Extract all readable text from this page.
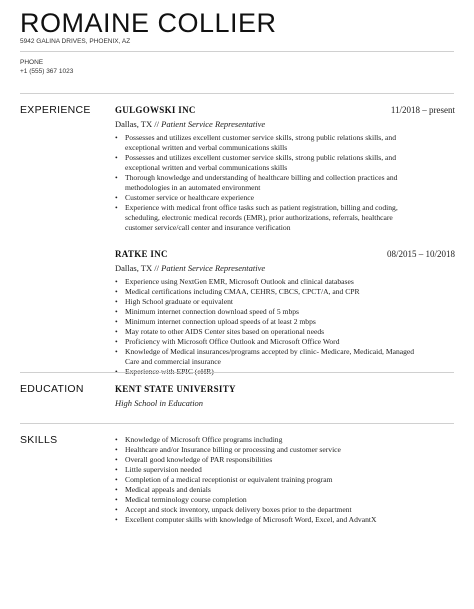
ROMAINE COLLIER
5942 GALINA DRIVES, PHOENIX, AZ
PHONE
+1 (555) 367 1023
EXPERIENCE	GULGOWSKI INC	11/2018 – present
Dallas, TX // Patient Service Representative
• Possesses and utilizes excellent customer service skills, strong public relations skills, and
exceptional written and verbal communications skills
• Possesses and utilizes excellent customer service skills, strong public relations skills, and
exceptional written and verbal communications skills
• Thorough knowledge and understanding of healthcare billing and collection practices and
methodologies in an automated environment
• Customer service or healthcare experience
• Experience with medical front office tasks such as patient registration, billing and coding,
scheduling, electronic medical records (EMR), prior authorizations, referrals, healthcare
customer service/call center and insurance verification
RATKE INC	08/2015 – 10/2018
Dallas, TX // Patient Service Representative
• Experience using NextGen EMR, Microsoft Outlook and clinical databases
• Medical certifications including CMAA, CEHRS, CBCS, CPCT/A, and CPR
• High School graduate or equivalent
• Minimum internet connection download speed of 5 mbps
• Minimum internet connection upload speeds of at least 2 mbps
• May rotate to other AIDS Center sites based on operational needs
• Proficiency with Microsoft Office Outlook and Microsoft Office Word
• Knowledge of Medical insurances/programs accepted by clinic- Medicare, Medicaid, Managed
Care and commercial insurance
• Experience with EPIC (eHR) –
EDUCATION	KENT STATE UNIVERSITY
High School in Education
SKILLS	• Knowledge of Microsoft Office programs including
• Healthcare and/or Insurance billing or processing and customer service
• Overall good knowledge of PAR responsibilities
• Little supervision needed
• Completion of a medical receptionist or equivalent training program
• Medical appeals and denials
• Medical terminology course completion
• Accept and stock inventory, unpack delivery boxes prior to the department
• Excellent computer skills with knowledge of Microsoft Word, Excel, and AdvantX
